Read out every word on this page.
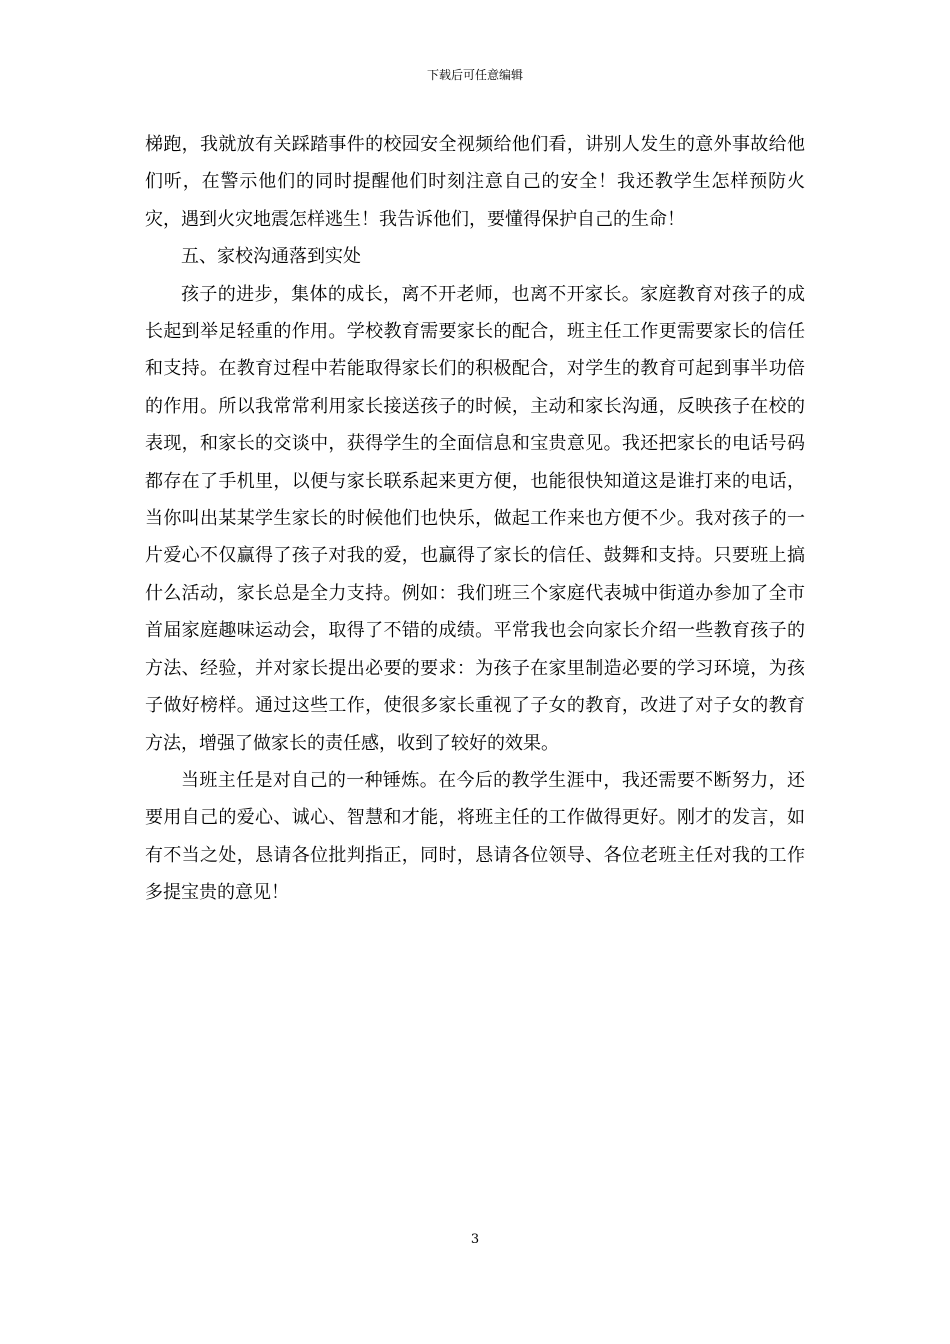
下载后可任意编辑

梯跑，我就放有关踩踏事件的校园安全视频给他们看，讲别人发生的意外事故给他们听，在警示他们的同时提醒他们时刻注意自己的安全！我还教学生怎样预防火灾，遇到火灾地震怎样逃生！我告诉他们，要懂得保护自己的生命！

五、家校沟通落到实处

孩子的进步，集体的成长，离不开老师，也离不开家长。家庭教育对孩子的成长起到举足轻重的作用。学校教育需要家长的配合，班主任工作更需要家长的信任和支持。在教育过程中若能取得家长们的积极配合，对学生的教育可起到事半功倍的作用。所以我常常利用家长接送孩子的时候，主动和家长沟通，反映孩子在校的表现，和家长的交谈中，获得学生的全面信息和宝贵意见。我还把家长的电话号码都存在了手机里，以便与家长联系起来更方便，也能很快知道这是谁打来的电话，当你叫出某某学生家长的时候他们也快乐，做起工作来也方便不少。我对孩子的一片爱心不仅赢得了孩子对我的爱，也赢得了家长的信任、鼓舞和支持。只要班上搞什么活动，家长总是全力支持。例如：我们班三个家庭代表城中街道办参加了全市首届家庭趣味运动会，取得了不错的成绩。平常我也会向家长介绍一些教育孩子的方法、经验，并对家长提出必要的要求：为孩子在家里制造必要的学习环境，为孩子做好榜样。通过这些工作，使很多家长重视了子女的教育，改进了对子女的教育方法，增强了做家长的责任感，收到了较好的效果。

当班主任是对自己的一种锤炼。在今后的教学生涯中，我还需要不断努力，还要用自己的爱心、诚心、智慧和才能，将班主任的工作做得更好。刚才的发言，如有不当之处，恳请各位批判指正，同时，恳请各位领导、各位老班主任对我的工作多提宝贵的意见！

3
